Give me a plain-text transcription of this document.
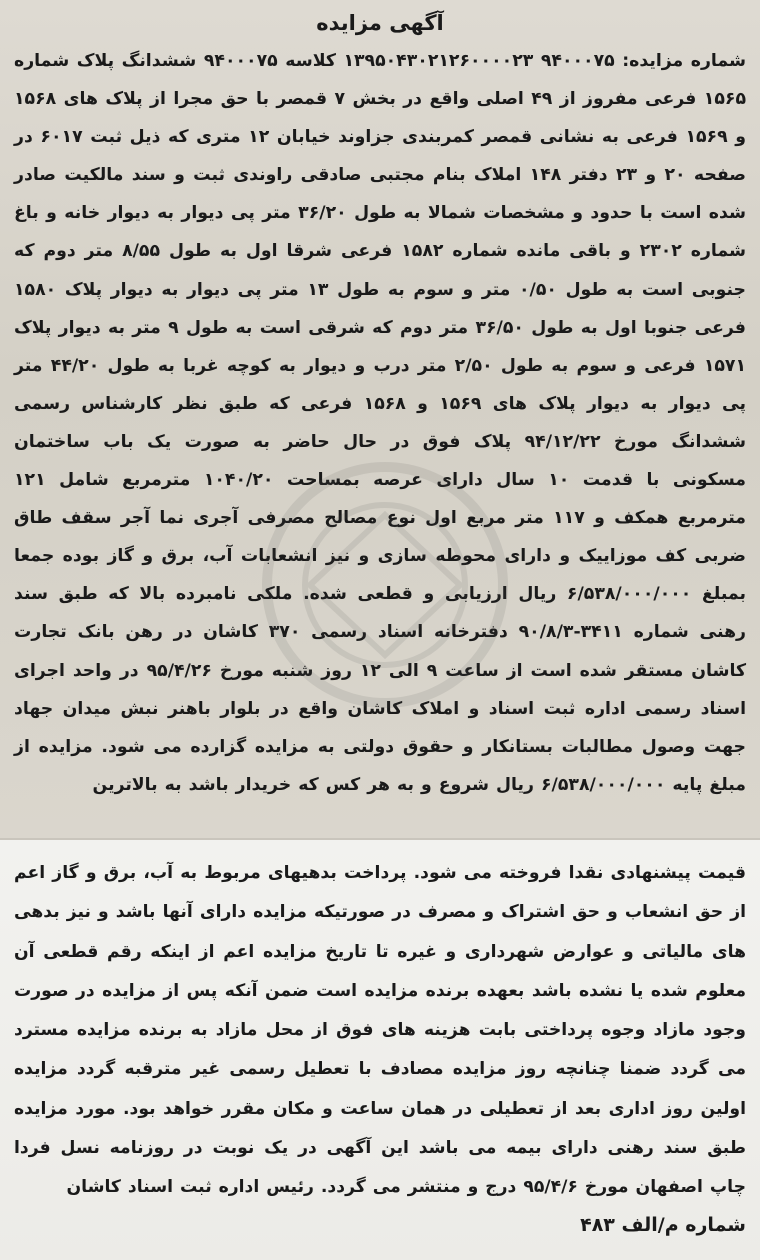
آگهی مزایده

شماره مزایده: ۹۴۰۰۰۷۵ ۱۳۹۵۰۴۳۰۲۱۲۶۰۰۰۰۲۳ کلاسه ۹۴۰۰۰۷۵ ششدانگ پلاک شماره ۱۵۶۵ فرعی مفروز از ۴۹ اصلی واقع در بخش ۷ قمصر با حق مجرا از پلاک های ۱۵۶۸ و ۱۵۶۹ فرعی به نشانی قمصر کمربندی جزاوند خیابان ۱۲ متری که ذیل ثبت ۶۰۱۷ در صفحه ۲۰ و ۲۳ دفتر ۱۴۸ املاک بنام مجتبی صادقی راوندی ثبت و سند مالکیت صادر شده است با حدود و مشخصات شمالا به طول ۳۶/۲۰ متر پی دیوار به دیوار خانه و باغ شماره ۲۳۰۲ و باقی مانده شماره ۱۵۸۲ فرعی شرقا اول به طول ۸/۵۵ متر دوم که جنوبی است به طول ۰/۵۰ متر و سوم به طول ۱۳ متر پی دیوار به دیوار پلاک ۱۵۸۰ فرعی جنوبا اول به طول ۳۶/۵۰ متر دوم که شرقی است به طول ۹ متر به دیوار پلاک ۱۵۷۱ فرعی و سوم به طول ۲/۵۰ متر درب و دیوار به کوچه غربا به طول ۴۴/۲۰ متر پی دیوار به دیوار پلاک های ۱۵۶۹ و ۱۵۶۸ فرعی که طبق نظر کارشناس رسمی ششدانگ مورخ ۹۴/۱۲/۲۲ پلاک فوق در حال حاضر به صورت یک باب ساختمان مسکونی با قدمت ۱۰ سال دارای عرصه بمساحت ۱۰۴۰/۲۰ مترمربع شامل ۱۲۱ مترمربع همکف و ۱۱۷ متر مربع اول نوع مصالح مصرفی آجری نما آجر سقف طاق ضربی کف موزاییک و دارای محوطه سازی و نیز انشعابات آب، برق و گاز بوده جمعا بمبلغ ۶/۵۳۸/۰۰۰/۰۰۰ ریال ارزیابی و قطعی شده. ملکی نامبرده بالا که طبق سند رهنی شماره ۳۴۱۱-۹۰/۸/۳ دفترخانه اسناد رسمی ۳۷۰ کاشان در رهن بانک تجارت کاشان مستقر شده است از ساعت ۹ الی ۱۲ روز شنبه مورخ ۹۵/۴/۲۶ در واحد اجرای اسناد رسمی اداره ثبت اسناد و املاک کاشان واقع در بلوار باهنر نبش میدان جهاد جهت وصول مطالبات بستانکار و حقوق دولتی به مزایده گزارده می شود. مزایده از مبلغ پایه ۶/۵۳۸/۰۰۰/۰۰۰ ریال شروع و به هر کس که خریدار باشد به بالاترین

قیمت پیشنهادی نقدا فروخته می شود. پرداخت بدهیهای مربوط به آب، برق و گاز اعم از حق انشعاب و حق اشتراک و مصرف در صورتیکه مزایده دارای آنها باشد و نیز بدهی های مالیاتی و عوارض شهرداری و غیره تا تاریخ مزایده اعم از اینکه رقم قطعی آن معلوم شده یا نشده باشد بعهده برنده مزایده است ضمن آنکه پس از مزایده در صورت وجود مازاد وجوه پرداختی بابت هزینه های فوق از محل مازاد به برنده مزایده مسترد می گردد ضمنا چنانچه روز مزایده مصادف با تعطیل رسمی غیر مترقبه گردد مزایده اولین روز اداری بعد از تعطیلی در همان ساعت و مکان مقرر خواهد بود. مورد مزایده طبق سند رهنی دارای بیمه می باشد این آگهی در یک نوبت در روزنامه نسل فردا چاپ اصفهان مورخ ۹۵/۴/۶ درج و منتشر می گردد. رئیس اداره ثبت اسناد کاشان

شماره م/الف ۴۸۳
